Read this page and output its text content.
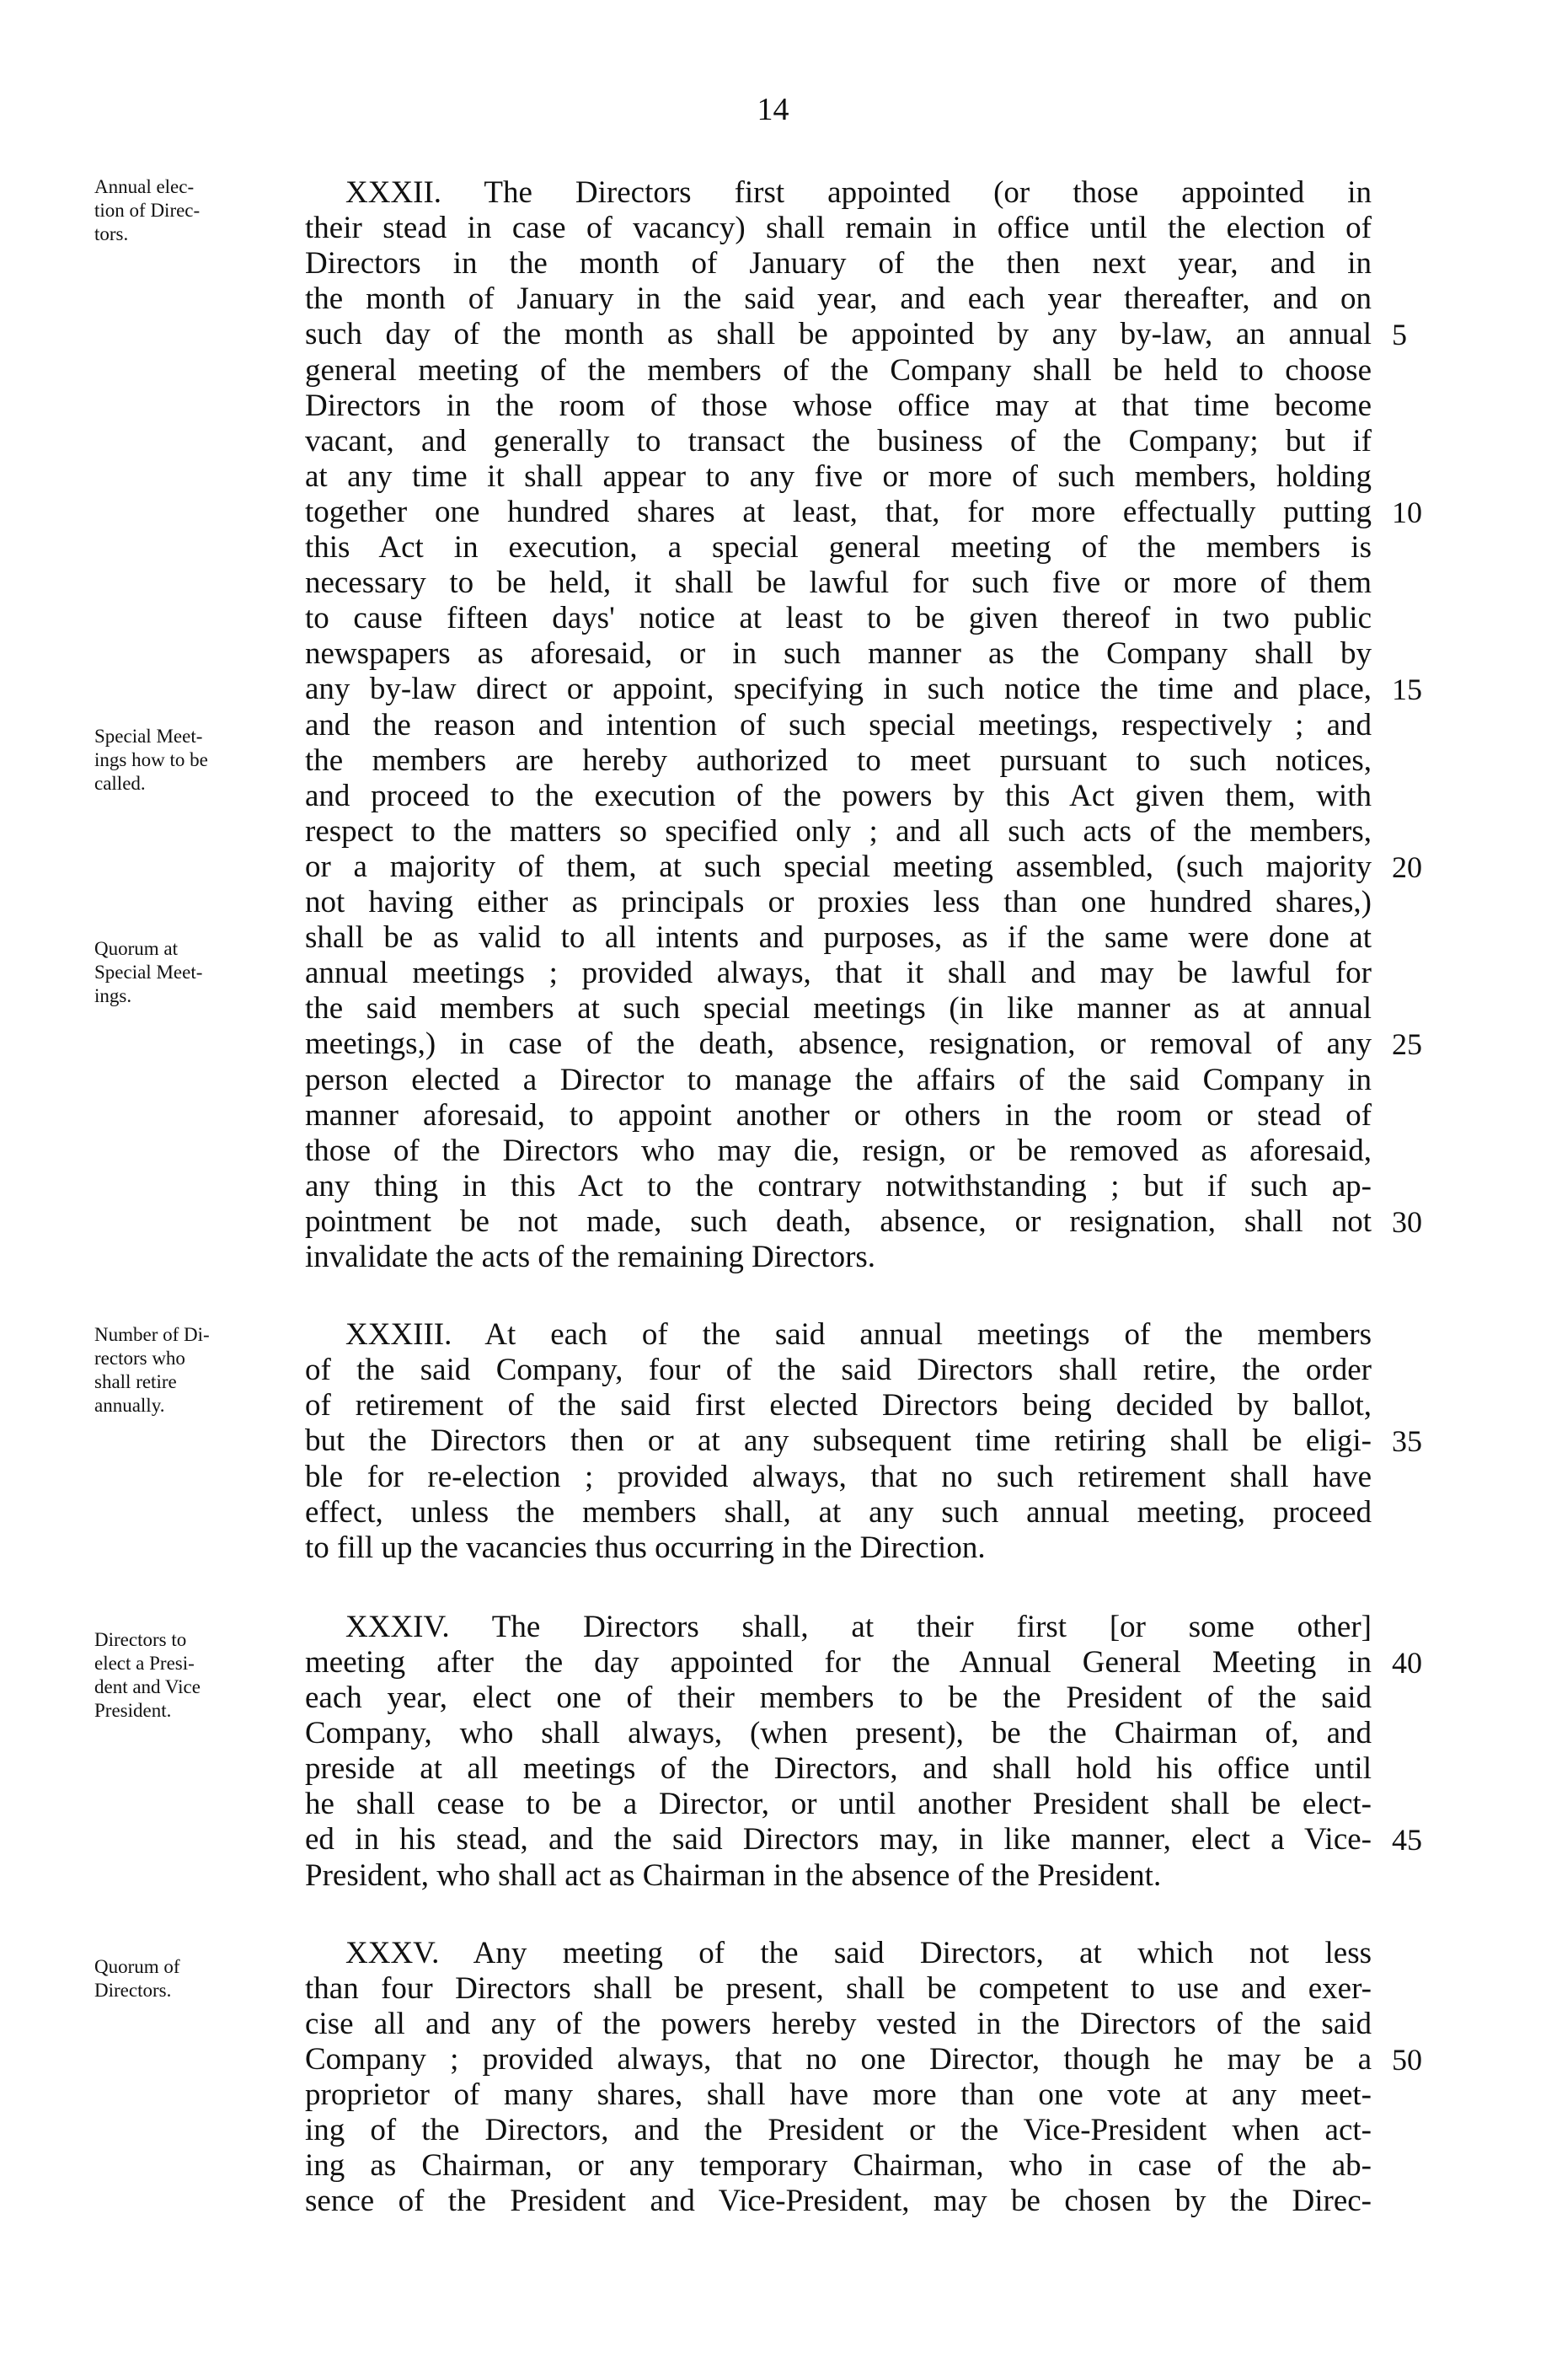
14
Annual elec-
tion of Direc-
tors.
Special Meet-
ings how to be
called.
Quorum at
Special Meet-
ings.
Number of Di-
rectors who
shall retire
annually.
Directors to
elect a Presi-
dent and Vice
President.
Quorum of
Directors.
XXXII. The Directors first appointed (or those appointed in
their stead in case of vacancy) shall remain in office until the election of
Directors in the month of January of the then next year, and in
the month of January in the said year, and each year thereafter, and on
such day of the month as shall be appointed by any by-law, an annual
general meeting of the members of the Company shall be held to choose
Directors in the room of those whose office may at that time become
vacant, and generally to transact the business of the Company; but if
at any time it shall appear to any five or more of such members, holding
together one hundred shares at least, that, for more effectually putting
this Act in execution, a special general meeting of the members is
necessary to be held, it shall be lawful for such five or more of them
to cause fifteen days' notice at least to be given thereof in two public
newspapers as aforesaid, or in such manner as the Company shall by
any by-law direct or appoint, specifying in such notice the time and place,
and the reason and intention of such special meetings, respectively ; and
the members are hereby authorized to meet pursuant to such notices,
and proceed to the execution of the powers by this Act given them, with
respect to the matters so specified only ; and all such acts of the members,
or a majority of them, at such special meeting assembled, (such majority
not having either as principals or proxies less than one hundred shares,)
shall be as valid to all intents and purposes, as if the same were done at
annual meetings ; provided always, that it shall and may be lawful for
the said members at such special meetings (in like manner as at annual
meetings,) in case of the death, absence, resignation, or removal of any
person elected a Director to manage the affairs of the said Company in
manner aforesaid, to appoint another or others in the room or stead of
those of the Directors who may die, resign, or be removed as aforesaid,
any thing in this Act to the contrary notwithstanding ; but if such ap-
pointment be not made, such death, absence, or resignation, shall not
invalidate the acts of the remaining Directors.
XXXIII. At each of the said annual meetings of the members
of the said Company, four of the said Directors shall retire, the order
of retirement of the said first elected Directors being decided by ballot,
but the Directors then or at any subsequent time retiring shall be eligi-
ble for re-election ; provided always, that no such retirement shall have
effect, unless the members shall, at any such annual meeting, proceed
to fill up the vacancies thus occurring in the Direction.
XXXIV. The Directors shall, at their first [or some other]
meeting after the day appointed for the Annual General Meeting in
each year, elect one of their members to be the President of the said
Company, who shall always, (when present), be the Chairman of, and
preside at all meetings of the Directors, and shall hold his office until
he shall cease to be a Director, or until another President shall be elect-
ed in his stead, and the said Directors may, in like manner, elect a Vice-
President, who shall act as Chairman in the absence of the President.
XXXV. Any meeting of the said Directors, at which not less
than four Directors shall be present, shall be competent to use and exer-
cise all and any of the powers hereby vested in the Directors of the said
Company ; provided always, that no one Director, though he may be a
proprietor of many shares, shall have more than one vote at any meet-
ing of the Directors, and the President or the Vice-President when act-
ing as Chairman, or any temporary Chairman, who in case of the ab-
sence of the President and Vice-President, may be chosen by the Direc-
5
10
15
20
25
30
35
40
45
50
